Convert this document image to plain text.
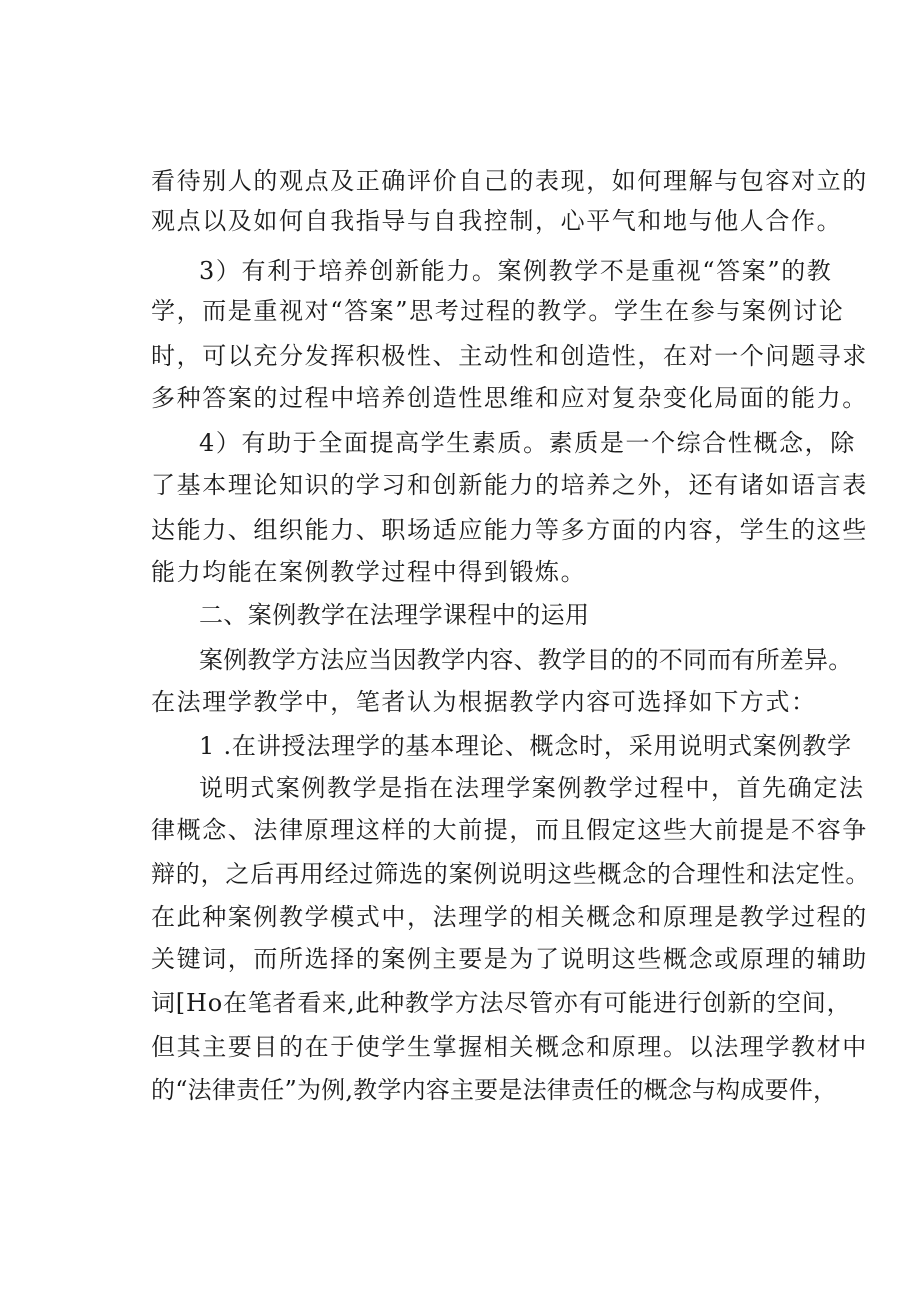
看待别人的观点及正确评价自己的表现，如何理解与包容对立的
观点以及如何自我指导与自我控制，心平气和地与他人合作。
3）有利于培养创新能力。案例教学不是重视“答案”的教
学，而是重视对“答案”思考过程的教学。学生在参与案例讨论
时，可以充分发挥积极性、主动性和创造性，在对一个问题寻求
多种答案的过程中培养创造性思维和应对复杂变化局面的能力。
4）有助于全面提高学生素质。素质是一个综合性概念，除
了基本理论知识的学习和创新能力的培养之外，还有诸如语言表
达能力、组织能力、职场适应能力等多方面的内容，学生的这些
能力均能在案例教学过程中得到锻炼。
二、案例教学在法理学课程中的运用
案例教学方法应当因教学内容、教学目的的不同而有所差异。
在法理学教学中，笔者认为根据教学内容可选择如下方式：
1 .在讲授法理学的基本理论、概念时，采用说明式案例教学
说明式案例教学是指在法理学案例教学过程中，首先确定法
律概念、法律原理这样的大前提，而且假定这些大前提是不容争
辩的，之后再用经过筛选的案例说明这些概念的合理性和法定性。
在此种案例教学模式中，法理学的相关概念和原理是教学过程的
关键词，而所选择的案例主要是为了说明这些概念或原理的辅助
词[Ho在笔者看来,此种教学方法尽管亦有可能进行创新的空间，
但其主要目的在于使学生掌握相关概念和原理。以法理学教材中
的“法律责任”为例,教学内容主要是法律责任的概念与构成要件，
